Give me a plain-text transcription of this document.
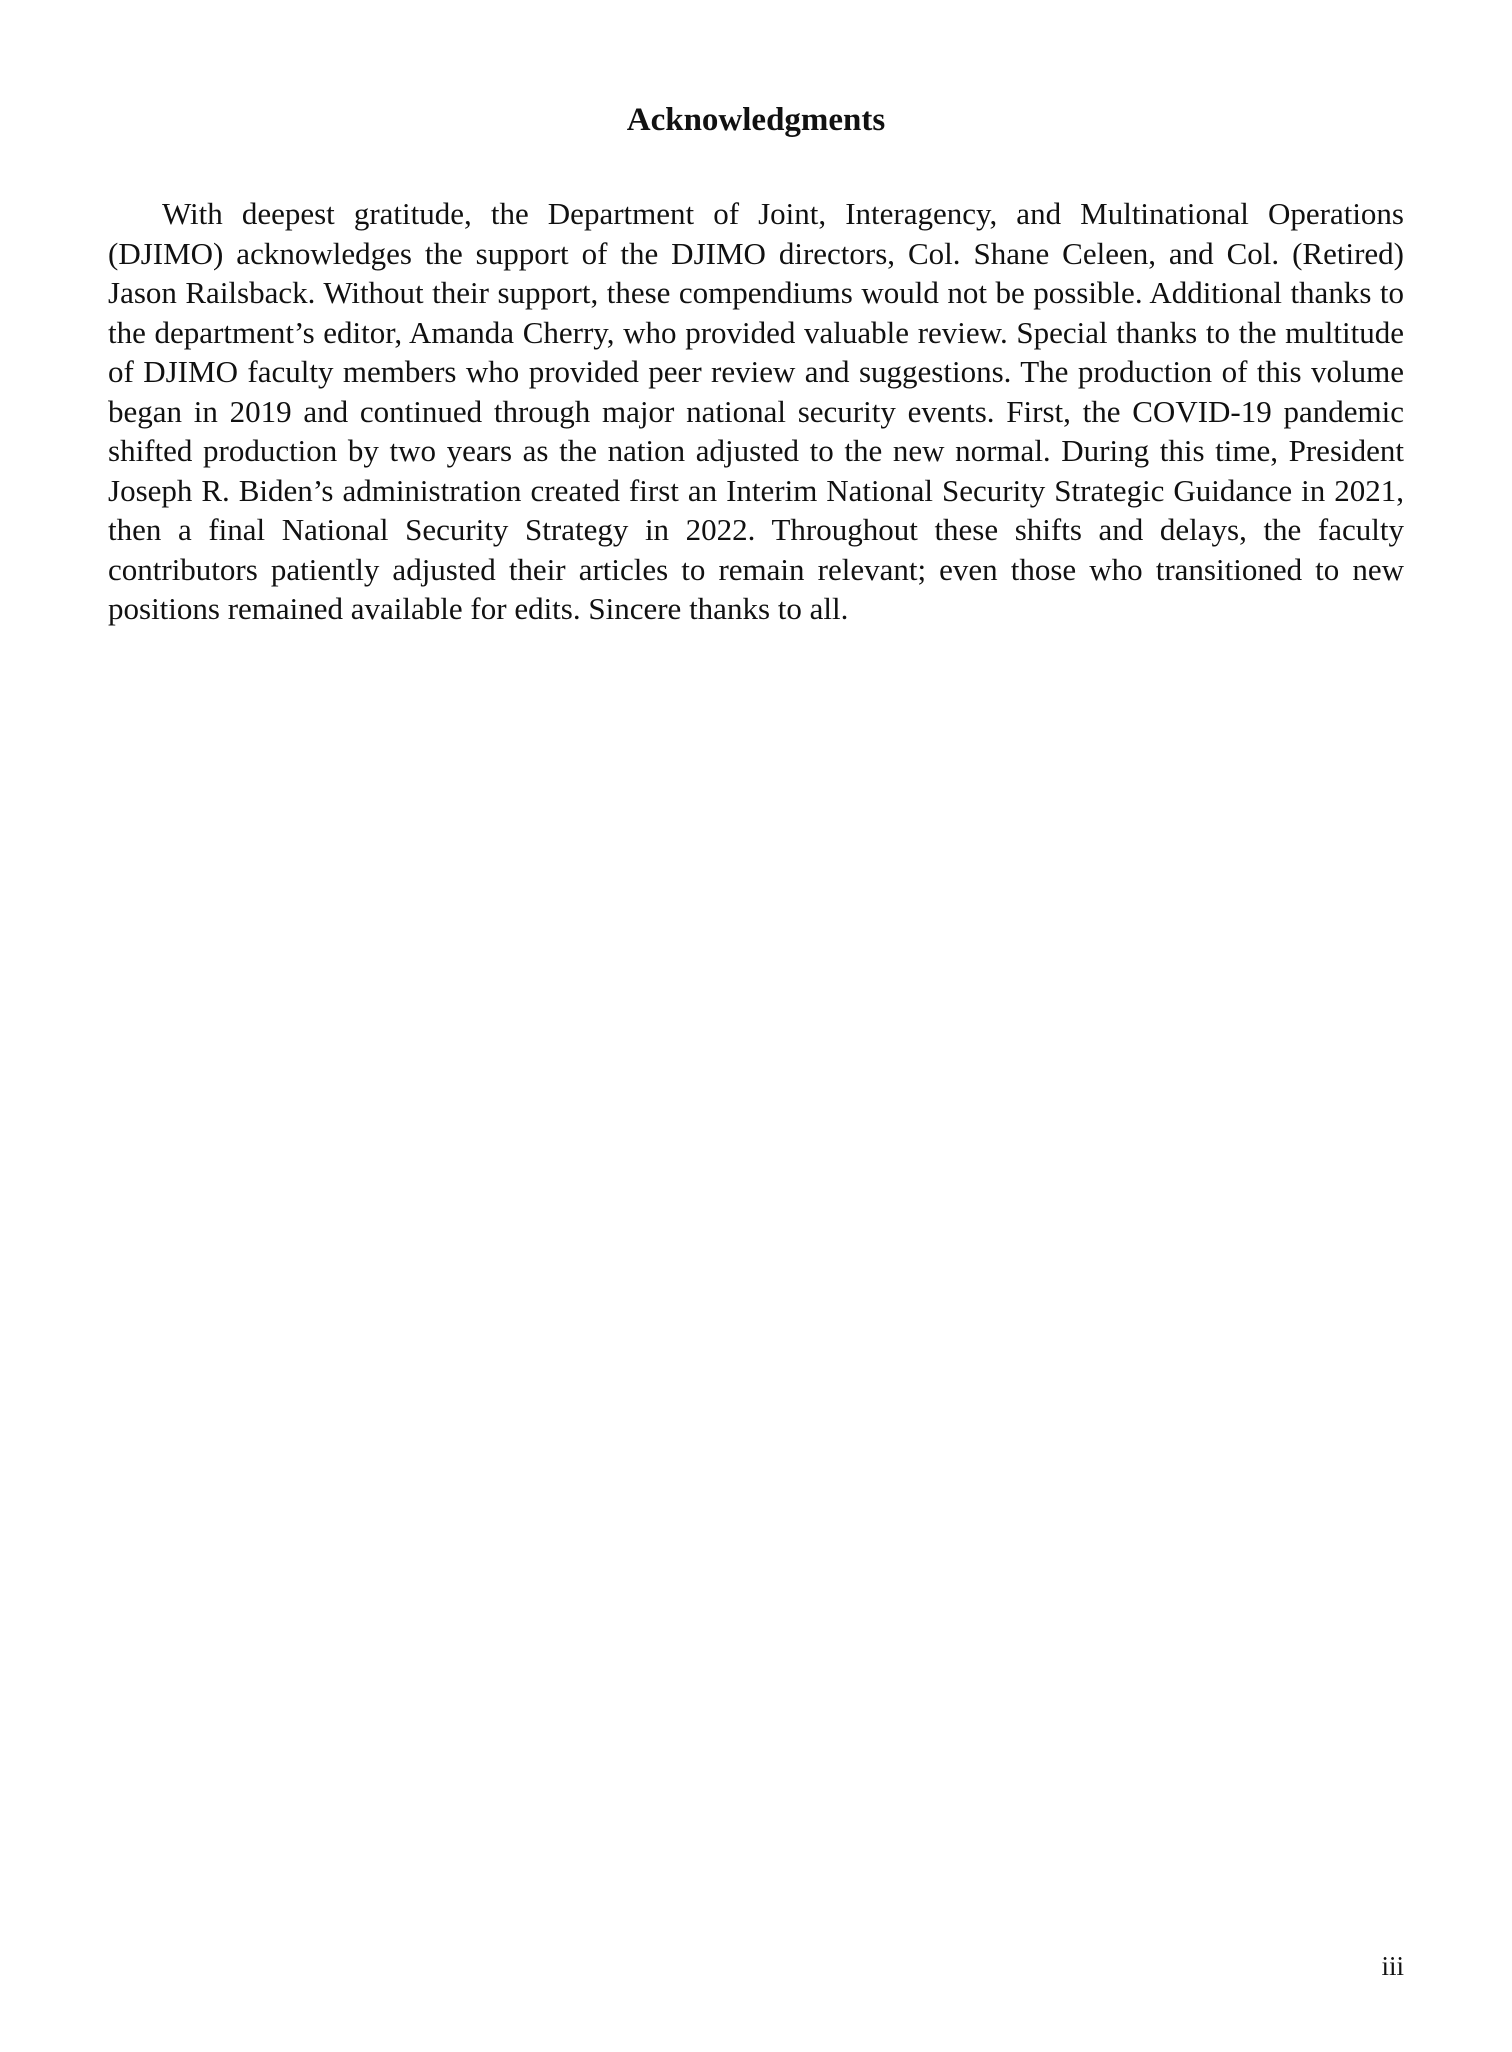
Acknowledgments

With deepest gratitude, the Department of Joint, Interagency, and Multinational Operations (DJIMO) acknowledges the support of the DJIMO directors, Col. Shane Celeen, and Col. (Retired) Jason Railsback. Without their support, these compendiums would not be possible. Additional thanks to the department’s editor, Amanda Cherry, who provided valuable review. Special thanks to the multitude of DJIMO faculty members who provided peer review and suggestions. The production of this volume began in 2019 and continued through major national security events. First, the COVID-19 pandemic shifted production by two years as the nation adjusted to the new normal. During this time, President Joseph R. Biden’s administration created first an Interim National Security Strategic Guidance in 2021, then a final National Security Strategy in 2022. Throughout these shifts and delays, the faculty contributors patiently adjusted their articles to remain relevant; even those who transitioned to new positions remained available for edits. Sincere thanks to all.

iii
